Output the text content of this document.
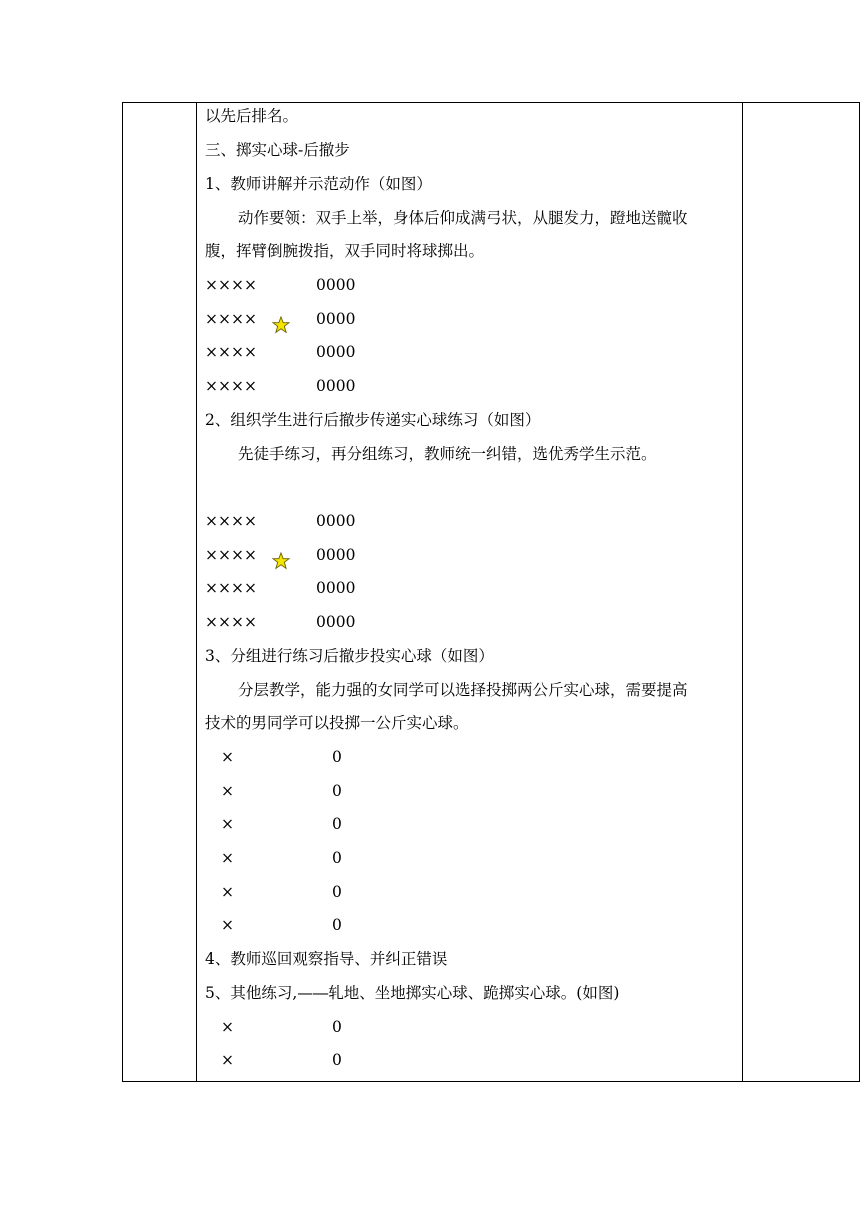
以先后排名。
三、掷实心球-后撤步
1、教师讲解并示范动作（如图）
动作要领：双手上举，身体后仰成满弓状，从腿发力，蹬地送髋收
腹，挥臂倒腕拨指，双手同时将球掷出。
××××	0000
××××	0000
××××	0000
××××	0000
2、组织学生进行后撤步传递实心球练习（如图）
先徒手练习，再分组练习，教师统一纠错，选优秀学生示范。
××××	0000
××××	0000
××××	0000
××××	0000
3、分组进行练习后撤步投实心球（如图）
分层教学，能力强的女同学可以选择投掷两公斤实心球，需要提高
技术的男同学可以投掷一公斤实心球。
×	0
×	0
×	0
×	0
×	0
×	0
4、教师巡回观察指导、并纠正错误
5、其他练习,—―轧地、坐地掷实心球、跪掷实心球。(如图)
×	0
×	0
